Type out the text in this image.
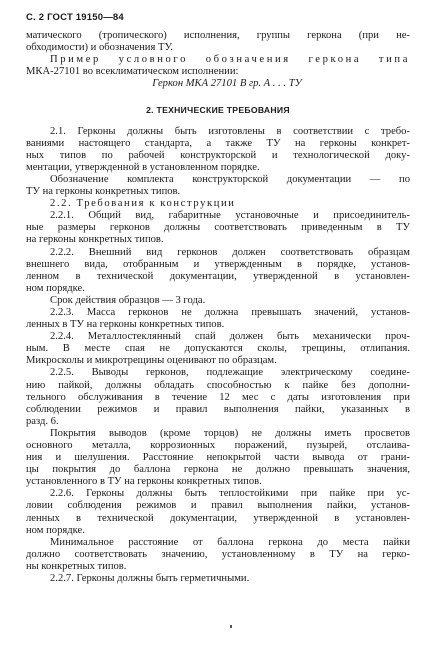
С. 2 ГОСТ 19150—84
матического (тропического) исполнения, группы геркона (при не-
обходимости) и обозначения ТУ.
Пример условного обозначения геркона типа
МКА-27101 во всеклиматическом исполнении:
Геркон МКА 27101 В гр. А . . . ТУ
2. ТЕХНИЧЕСКИЕ ТРЕБОВАНИЯ
2.1. Герконы должны быть изготовлены в соответствии с требо-
ваниями настоящего стандарта, а также ТУ на герконы конкрет-
ных типов по рабочей конструкторской и технологической доку-
ментации, утвержденной в установленном порядке.
Обозначение комплекта конструкторской документации — по
ТУ на герконы конкретных типов.
2.2. Требования к конструкции
2.2.1. Общий вид, габаритные установочные и присоединитель-
ные размеры герконов должны соответствовать приведенным в ТУ
на герконы конкретных типов.
2.2.2. Внешний вид герконов должен соответствовать образцам
внешнего вида, отобранным и утвержденным в порядке, установ-
ленном в технической документации, утвержденной в установлен-
ном порядке.
Срок действия образцов — 3 года.
2.2.3. Масса герконов не должна превышать значений, установ-
ленных в ТУ на герконы конкретных типов.
2.2.4. Металлостеклянный спай должен быть механически проч-
ным. В месте спая не допускаются сколы, трещины, отлипания.
Микросколы и микротрещины оценивают по образцам.
2.2.5. Выводы герконов, подлежащие электрическому соедине-
нию пайкой, должны обладать способностью к пайке без дополни-
тельного обслуживания в течение 12 мес с даты изготовления при
соблюдении режимов и правил выполнения пайки, указанных в
разд. 6.
Покрытия выводов (кроме торцов) не должны иметь просветов
основного металла, коррозионных поражений, пузырей, отслаива-
ния и шелушения. Расстояние непокрытой части вывода от грани-
цы покрытия до баллона геркона не должно превышать значения,
установленного в ТУ на герконы конкретных типов.
2.2.6. Герконы должны быть теплостойкими при пайке при ус-
ловии соблюдения режимов и правил выполнения пайки, установ-
ленных в технической документации, утвержденной в установлен-
ном порядке.
Минимальное расстояние от баллона геркона до места пайки
должно соответствовать значению, установленному в ТУ на герко-
ны конкретных типов.
2.2.7. Герконы должны быть герметичными.
